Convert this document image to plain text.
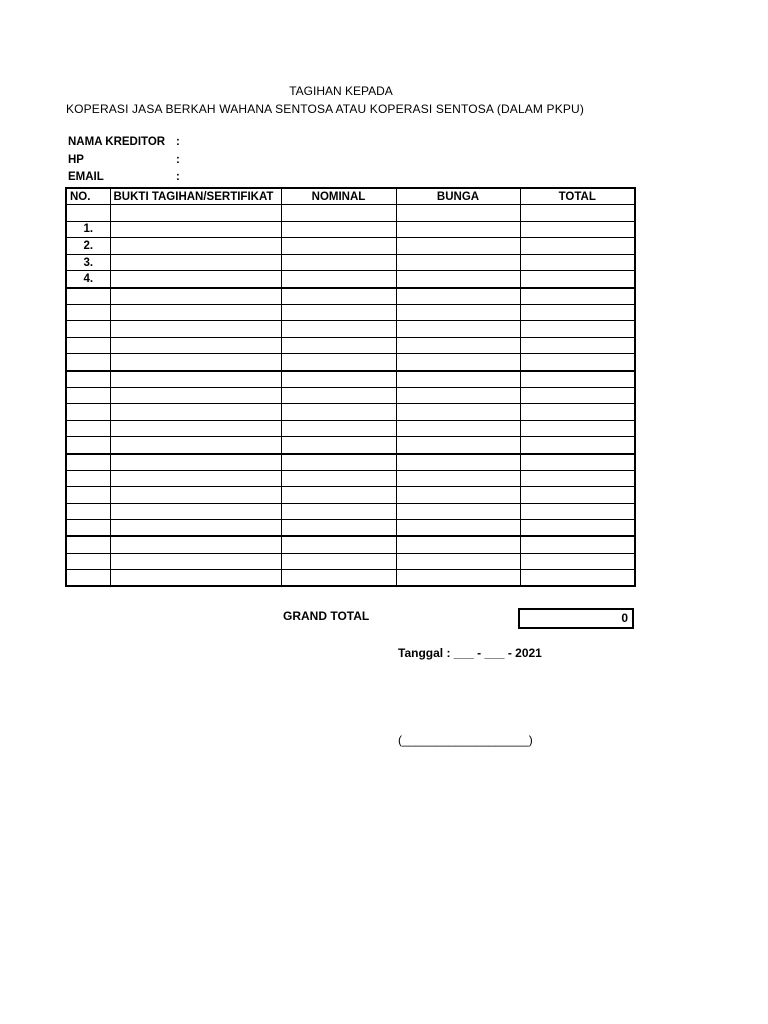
TAGIHAN KEPADA
KOPERASI JASA BERKAH WAHANA SENTOSA ATAU KOPERASI SENTOSA (DALAM PKPU)
NAMA KREDITOR :
HP	:
EMAIL	:
NO.	BUKTI TAGIHAN/SERTIFIKAT	NOMINAL	BUNGA	TOTAL

1.				
2.				
3.				
4.				

GRAND TOTAL	0
Tanggal : ___ - ___ - 2021
(___________________)
